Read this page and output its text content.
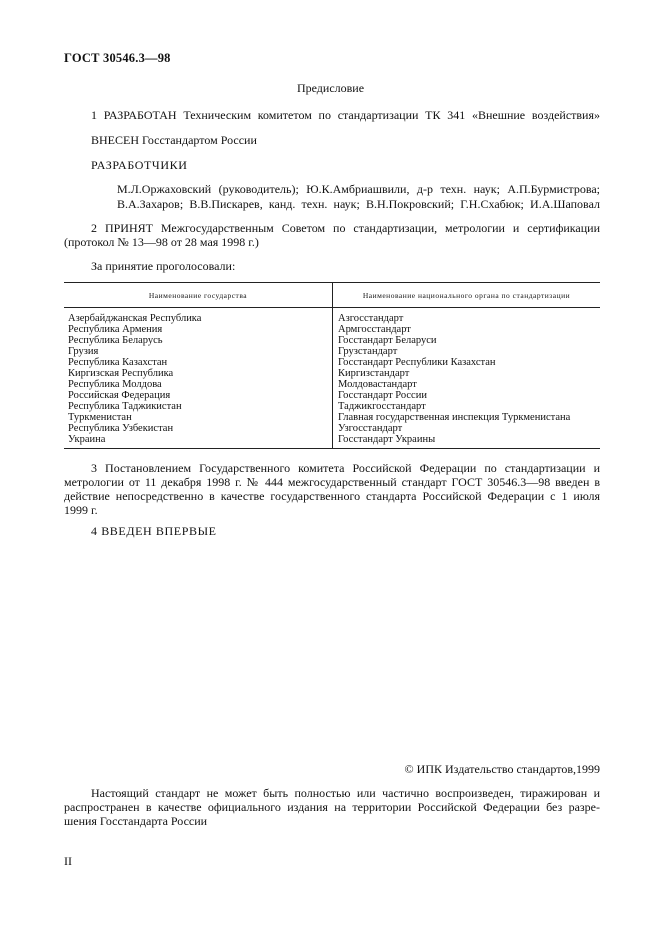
ГОСТ 30546.3—98
Предисловие
1 РАЗРАБОТАН Техническим комитетом по стандартизации ТК 341 «Внешние воздействия»
ВНЕСЕН Госстандартом России
РАЗРАБОТЧИКИ
М.Л.Оржаховский (руководитель); Ю.К.Амбриашвили, д-р техн. наук; А.П.Бурмистрова;
В.А.Захаров; В.В.Пискарев, канд. техн. наук; В.Н.Покровский; Г.Н.Схабюк; И.А.Шаповал
2 ПРИНЯТ Межгосударственным Советом по стандартизации, метрологии и сертификации
(протокол № 13—98 от 28 мая 1998 г.)
За принятие проголосовали:
Наименование государства	Наименование национального органа по стандартизации
Азербайджанская Республика	Азгосстандарт
Республика Армения	Армгосстандарт
Республика Беларусь	Госстандарт Беларуси
Грузия	Грузстандарт
Республика Казахстан	Госстандарт Республики Казахстан
Киргизская Республика	Киргизстандарт
Республика Молдова	Молдовастандарт
Российская Федерация	Госстандарт России
Республика Таджикистан	Таджикгосстандарт
Туркменистан	Главная государственная инспекция Туркменистана
Республика Узбекистан	Узгосстандарт
Украина	Госстандарт Украины
3 Постановлением Государственного комитета Российской Федерации по стандартизации и
метрологии от 11 декабря 1998 г. № 444 межгосударственный стандарт ГОСТ 30546.3—98 введен в
действие непосредственно в качестве государственного стандарта Российской Федерации с 1 июля
1999 г.
4 ВВЕДЕН ВПЕРВЫЕ
© ИПК Издательство стандартов,1999
Настоящий стандарт не может быть полностью или частично воспроизведен, тиражирован и
распространен в качестве официального издания на территории Российской Федерации без разре-
шения Госстандарта России
II
